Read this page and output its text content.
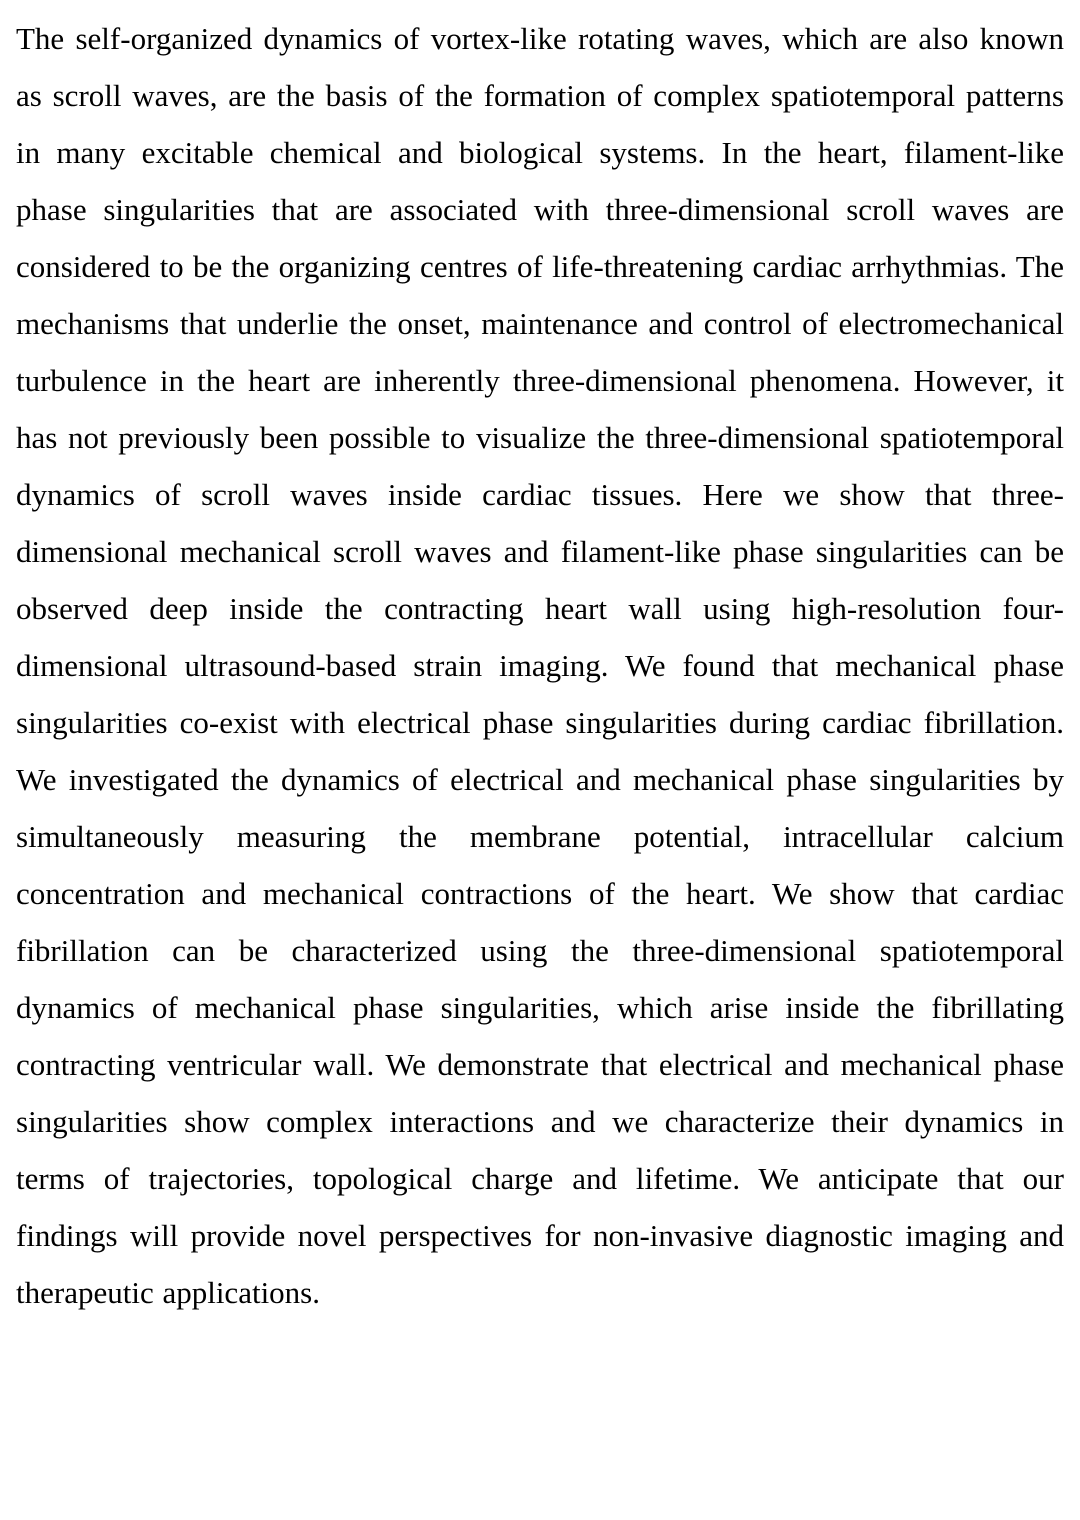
The self-organized dynamics of vortex-like rotating waves, which are also known as scroll waves, are the basis of the formation of complex spatiotemporal patterns in many excitable chemical and biological systems. In the heart, filament-like phase singularities that are associated with three-dimensional scroll waves are considered to be the organizing centres of life-threatening cardiac arrhythmias. The mechanisms that underlie the onset, maintenance and control of electromechanical turbulence in the heart are inherently three-dimensional phenomena. However, it has not previously been possible to visualize the three-dimensional spatiotemporal dynamics of scroll waves inside cardiac tissues. Here we show that three-dimensional mechanical scroll waves and filament-like phase singularities can be observed deep inside the contracting heart wall using high-resolution four-dimensional ultrasound-based strain imaging. We found that mechanical phase singularities co-exist with electrical phase singularities during cardiac fibrillation. We investigated the dynamics of electrical and mechanical phase singularities by simultaneously measuring the membrane potential, intracellular calcium concentration and mechanical contractions of the heart. We show that cardiac fibrillation can be characterized using the three-dimensional spatiotemporal dynamics of mechanical phase singularities, which arise inside the fibrillating contracting ventricular wall. We demonstrate that electrical and mechanical phase singularities show complex interactions and we characterize their dynamics in terms of trajectories, topological charge and lifetime. We anticipate that our findings will provide novel perspectives for non-invasive diagnostic imaging and therapeutic applications.
